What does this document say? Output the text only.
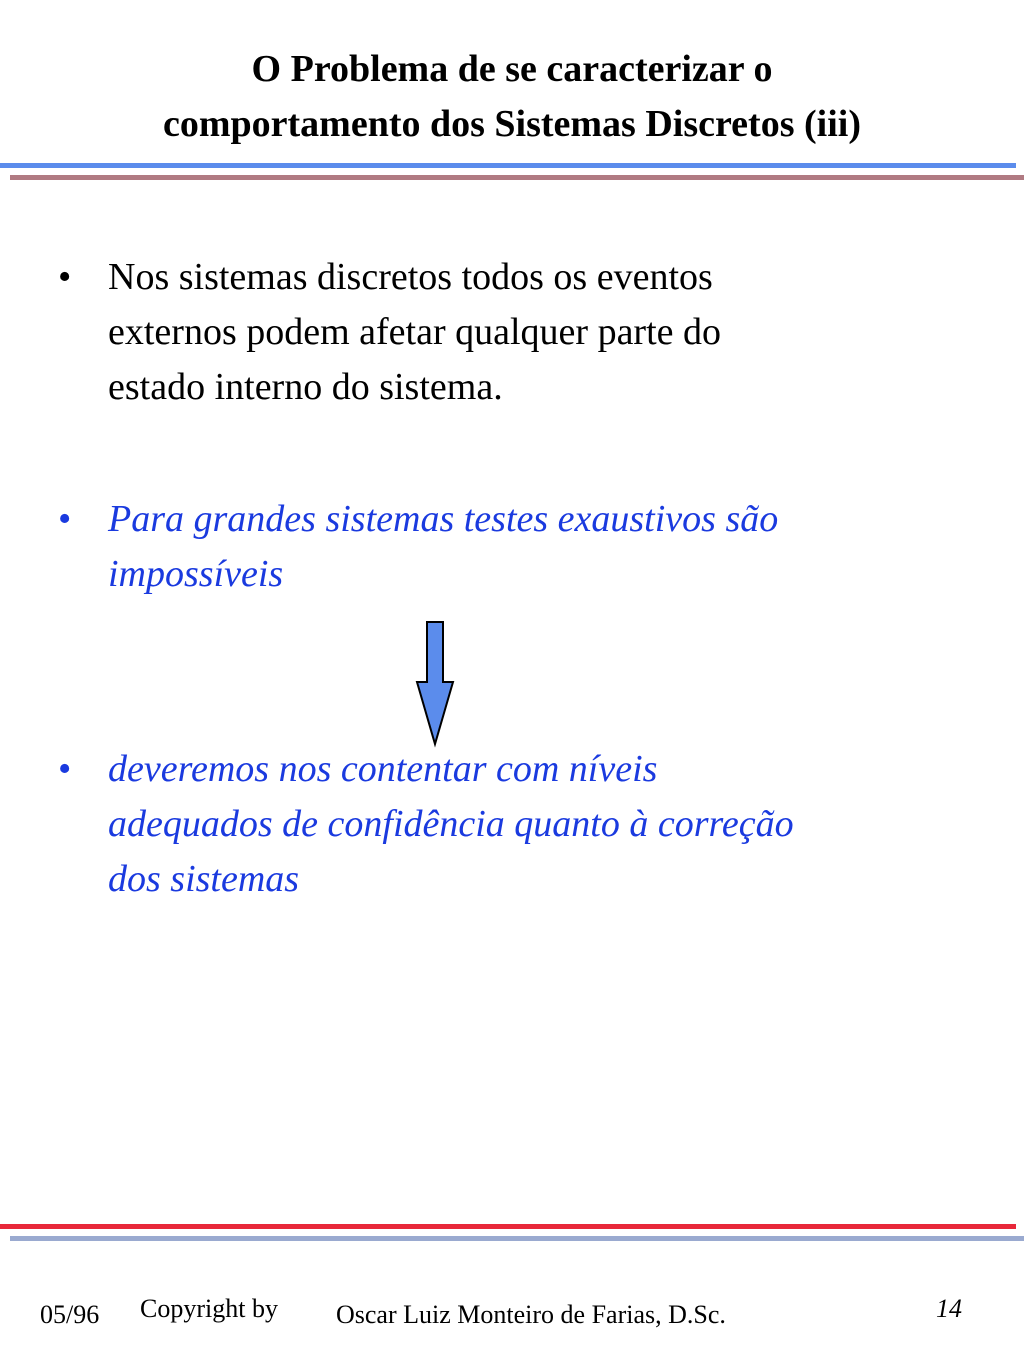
O Problema de se caracterizar o
comportamento dos Sistemas Discretos (iii)
• Nos sistemas discretos todos os eventos
externos podem afetar qualquer parte do
estado interno do sistema.
• Para grandes sistemas testes exaustivos são
impossíveis
• deveremos nos contentar com níveis
adequados de confidência quanto à correção
dos sistemas
05/96 Copyright by Oscar Luiz Monteiro de Farias, D.Sc.	14
